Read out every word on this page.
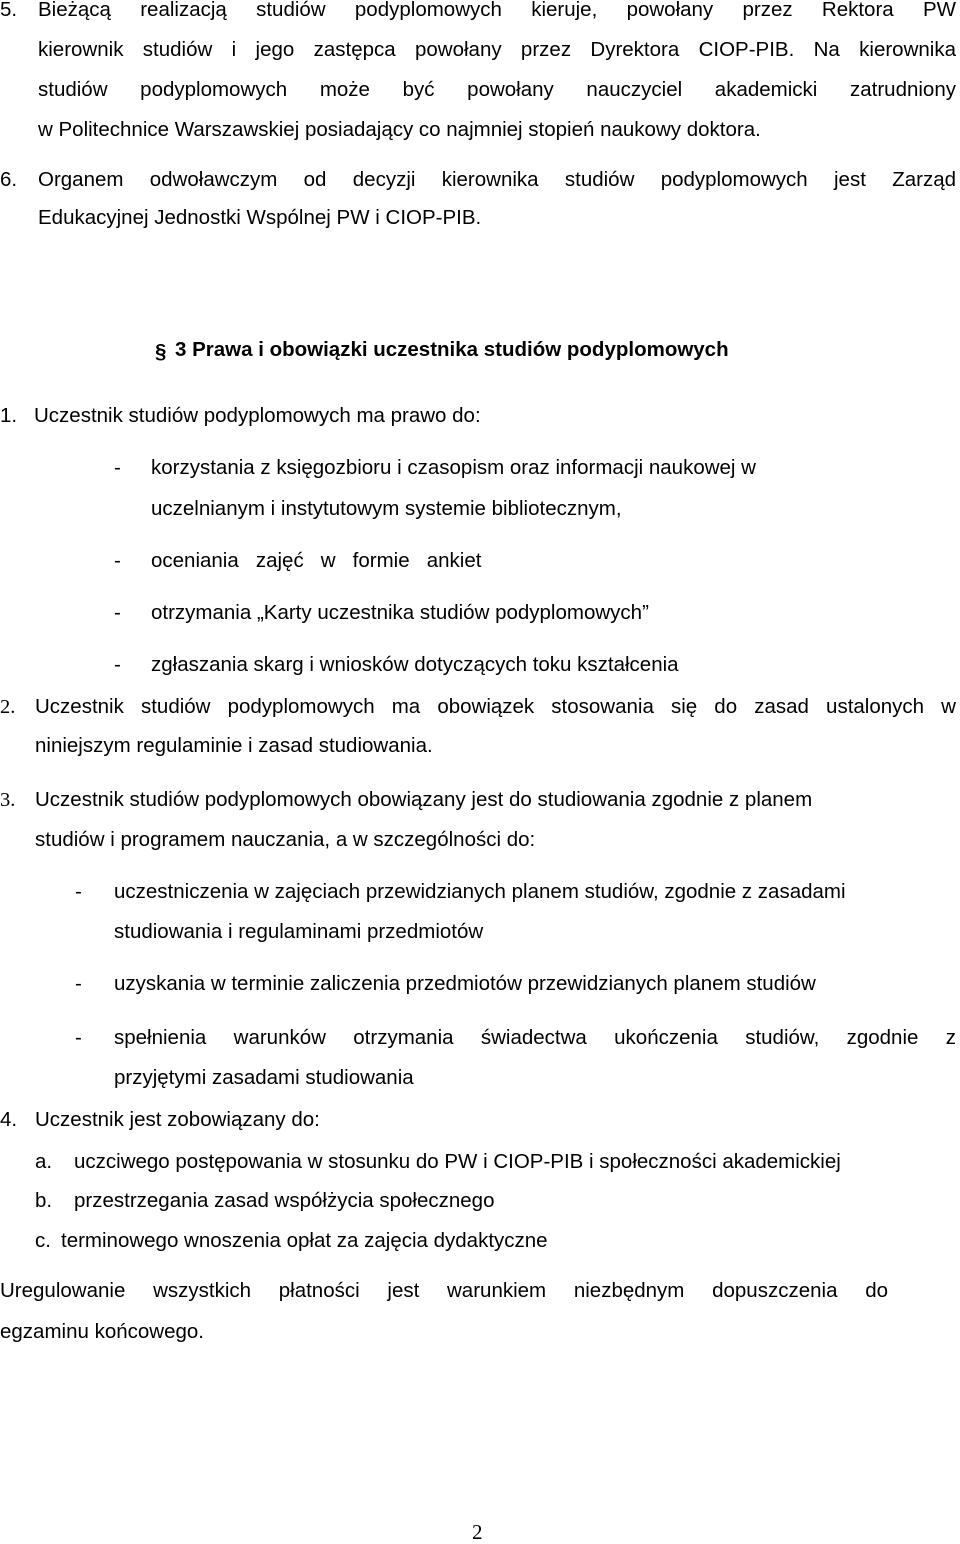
5. Bieżącą realizacją studiów podyplomowych kieruje, powołany przez Rektora PW
kierownik studiów i jego zastępca powołany przez Dyrektora CIOP-PIB. Na kierownika
studiów podyplomowych może być powołany nauczyciel akademicki zatrudniony
w Politechnice Warszawskiej posiadający co najmniej stopień naukowy doktora.
6. Organem odwoławczym od decyzji kierownika studiów podyplomowych jest Zarząd
Edukacyjnej Jednostki Wspólnej PW i CIOP-PIB.
§ 3 Prawa i obowiązki uczestnika studiów podyplomowych
1. Uczestnik studiów podyplomowych ma prawo do:
- korzystania z księgozbioru i czasopism oraz informacji naukowej w
uczelnianym i instytutowym systemie bibliotecznym,
- oceniania   zajęć   w   formie   ankiet
- otrzymania „Karty uczestnika studiów podyplomowych”
- zgłaszania skarg i wniosków dotyczących toku kształcenia
2. Uczestnik studiów podyplomowych ma obowiązek stosowania się do zasad ustalonych w
niniejszym regulaminie i zasad studiowania.
3. Uczestnik studiów podyplomowych obowiązany jest do studiowania zgodnie z planem
studiów i programem nauczania, a w szczególności do:
- uczestniczenia w zajęciach przewidzianych planem studiów, zgodnie z zasadami
studiowania i regulaminami przedmiotów
- uzyskania w terminie zaliczenia przedmiotów przewidzianych planem studiów
- spełnienia warunków otrzymania świadectwa ukończenia studiów, zgodnie z
przyjętymi zasadami studiowania
4. Uczestnik jest zobowiązany do:
a. uczciwego postępowania w stosunku do PW i CIOP-PIB i społeczności akademickiej
b. przestrzegania zasad współżycia społecznego
c. terminowego wnoszenia opłat za zajęcia dydaktyczne
Uregulowanie wszystkich płatności jest warunkiem niezbędnym dopuszczenia do
egzaminu końcowego.
2
